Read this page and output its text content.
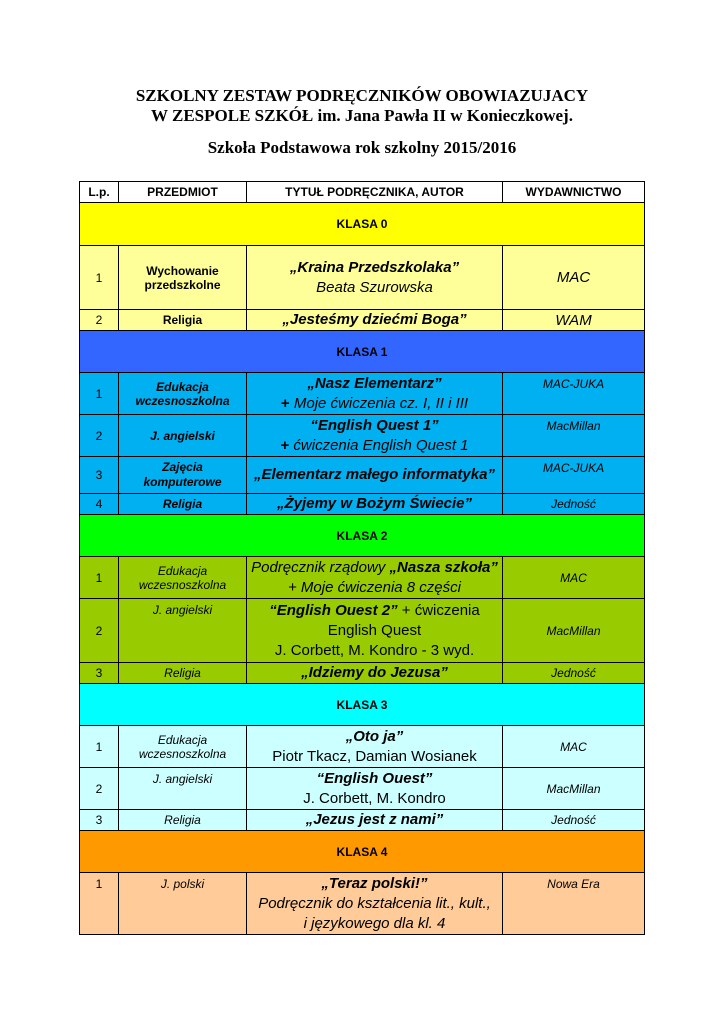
SZKOLNY ZESTAW PODRĘCZNIKÓW OBOWIAZUJACY
W ZESPOLE SZKÓŁ im. Jana Pawła II w Konieczkowej.
Szkoła Podstawowa rok szkolny 2015/2016
L.p.	PRZEDMIOT	TYTUŁ PODRĘCZNIKA, AUTOR	WYDAWNICTWO
KLASA 0			
1	Wychowanie przedszkolne	„Kraina Przedszkolaka”
Beata Szurowska	MAC
2	Religia	„Jesteśmy dziećmi Boga”	WAM
KLASA 1			
1	Edukacja wczesnoszkolna	„Nasz Elementarz”
+ Moje ćwiczenia cz. I, II i III	MAC-JUKA
2	J. angielski	“English Quest 1”
+ ćwiczenia English Quest 1	MacMillan
3	Zajęcia komputerowe	„Elementarz małego informatyka”	MAC-JUKA
4	Religia	„Żyjemy w Bożym Świecie”	Jedność
KLASA 2			
1	Edukacja wczesnoszkolna	Podręcznik rządowy „Nasza szkoła”
+ Moje ćwiczenia 8 części	MAC
2	J. angielski	“English Ouest 2” + ćwiczenia
English Quest
J. Corbett, M. Kondro - 3 wyd.	MacMillan
3	Religia	„Idziemy do Jezusa”	Jedność
KLASA 3			
1	Edukacja wczesnoszkolna	„Oto ja”
Piotr Tkacz, Damian Wosianek	MAC
2	J. angielski	“English Ouest”
J. Corbett, M. Kondro	MacMillan
3	Religia	„Jezus jest z nami”	Jedność
KLASA 4			
1	J. polski	„Teraz polski!”
Podręcznik do kształcenia lit., kult.,
i językowego dla kl. 4	Nowa Era
